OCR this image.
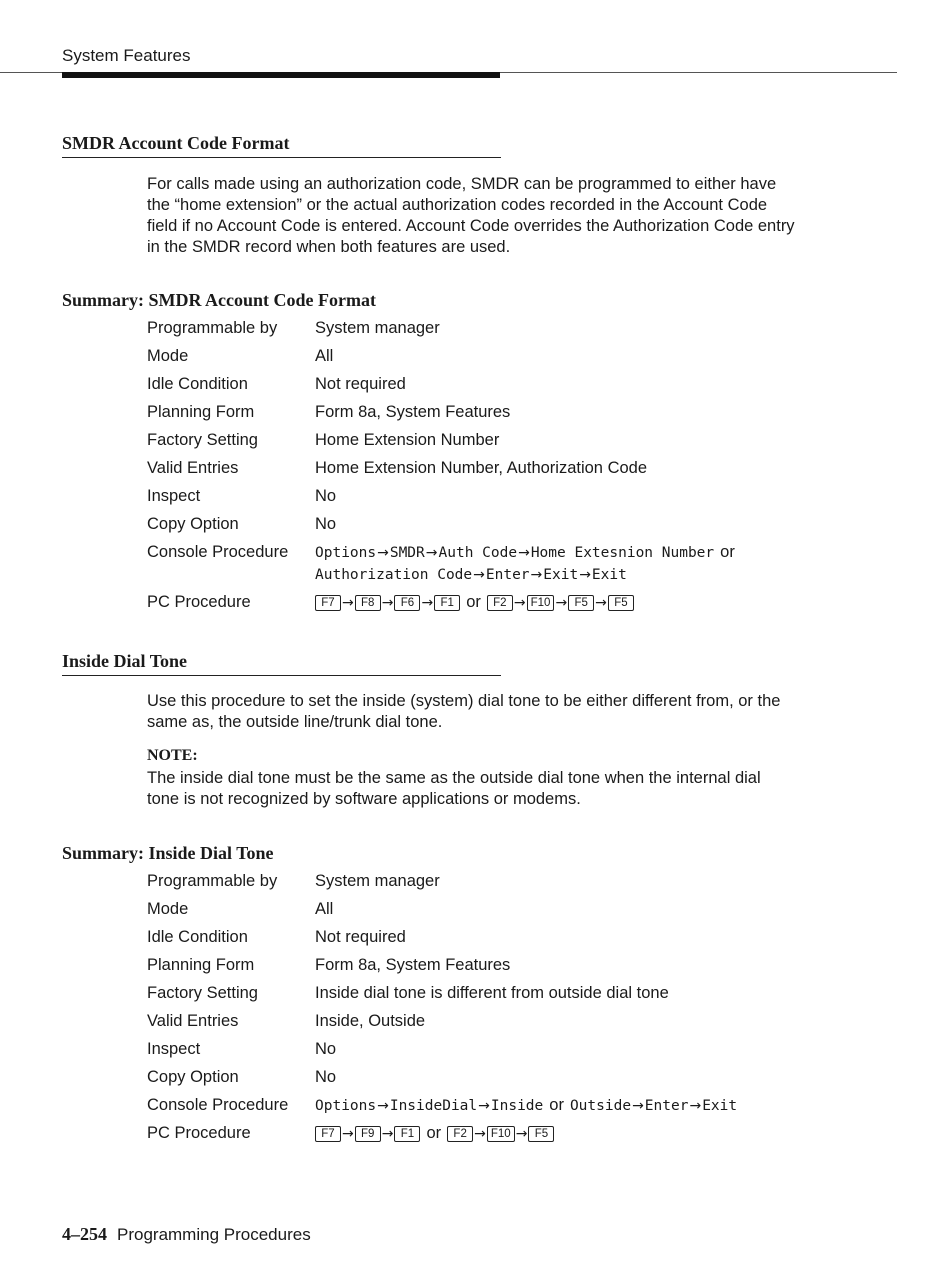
System Features
SMDR Account Code Format
For calls made using an authorization code, SMDR can be programmed to either have the “home extension” or the actual authorization codes recorded in the Account Code field if no Account Code is entered. Account Code overrides the Authorization Code entry in the SMDR record when both features are used.
Summary: SMDR Account Code Format
Programmable by	System manager
Mode	All
Idle Condition	Not required
Planning Form	Form 8a, System Features
Factory Setting	Home Extension Number
Valid Entries	Home Extension Number, Authorization Code
Inspect	No
Copy Option	No
Console Procedure	Options→SMDR→Auth Code→Home Extesnion Number or
Authorization Code→Enter→Exit→Exit

PC Procedure	F7 → F8 → F6 → F1 or F2 → F10 → F5 → F5
Inside Dial Tone
Use this procedure to set the inside (system) dial tone to be either different from, or the same as, the outside line/trunk dial tone.
NOTE:
The inside dial tone must be the same as the outside dial tone when the internal dial tone is not recognized by software applications or modems.
Summary: Inside Dial Tone
Programmable by	System manager
Mode	All
Idle Condition	Not required
Planning Form	Form 8a, System Features
Factory Setting	Inside dial tone is different from outside dial tone
Valid Entries	Inside, Outside
Inspect	No
Copy Option	No
Console Procedure	Options→InsideDial→Inside or Outside→Enter→Exit
PC Procedure	F7 → F9 → F1 or F2 → F10 → F5
4–254 Programming Procedures
